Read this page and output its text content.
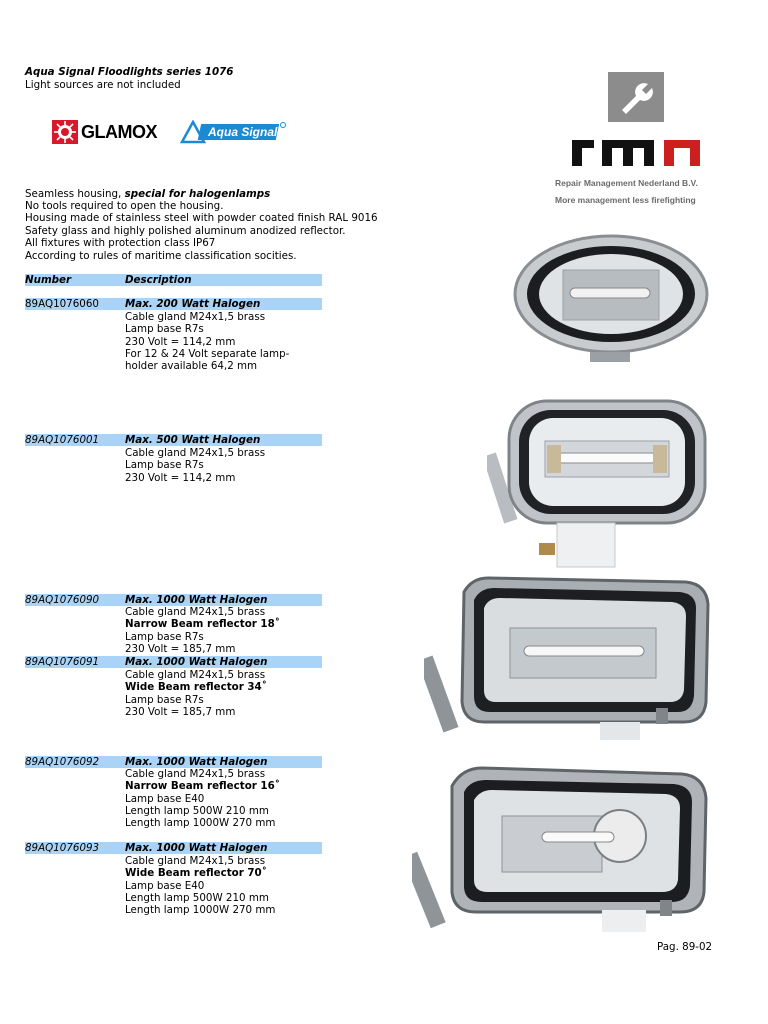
Aqua Signal Floodlights series 1076
Light sources are not included
GLAMOX	Aqua Signal
Repair Management Nederland B.V.
More management less firefighting
Seamless housing, special for halogenlamps
No tools required to open the housing.
Housing made of stainless steel with powder coated finish RAL 9016
Safety glass and highly polished aluminum anodized reflector.
All fixtures with protection class IP67
According to rules of maritime classification socities.
Number	Description
89AQ1076060	Max. 200 Watt Halogen
Cable gland M24x1,5 brass
Lamp base R7s
230 Volt = 114,2 mm
For 12 & 24 Volt separate lamp-
holder available 64,2 mm
89AQ1076001	Max. 500 Watt Halogen
Cable gland M24x1,5 brass
Lamp base R7s
230 Volt = 114,2 mm
89AQ1076090	Max. 1000 Watt Halogen
Cable gland M24x1,5 brass
Narrow Beam reflector 18˚
Lamp base R7s
230 Volt = 185,7 mm
89AQ1076091	Max. 1000 Watt Halogen
Cable gland M24x1,5 brass
Wide Beam reflector 34˚
Lamp base R7s
230 Volt = 185,7 mm
89AQ1076092	Max. 1000 Watt Halogen
Cable gland M24x1,5 brass
Narrow Beam reflector 16˚
Lamp base E40
Length lamp 500W 210 mm
Length lamp 1000W 270 mm
89AQ1076093	Max. 1000 Watt Halogen
Cable gland M24x1,5 brass
Wide Beam reflector 70˚
Lamp base E40
Length lamp 500W 210 mm
Length lamp 1000W 270 mm
Pag. 89-02
